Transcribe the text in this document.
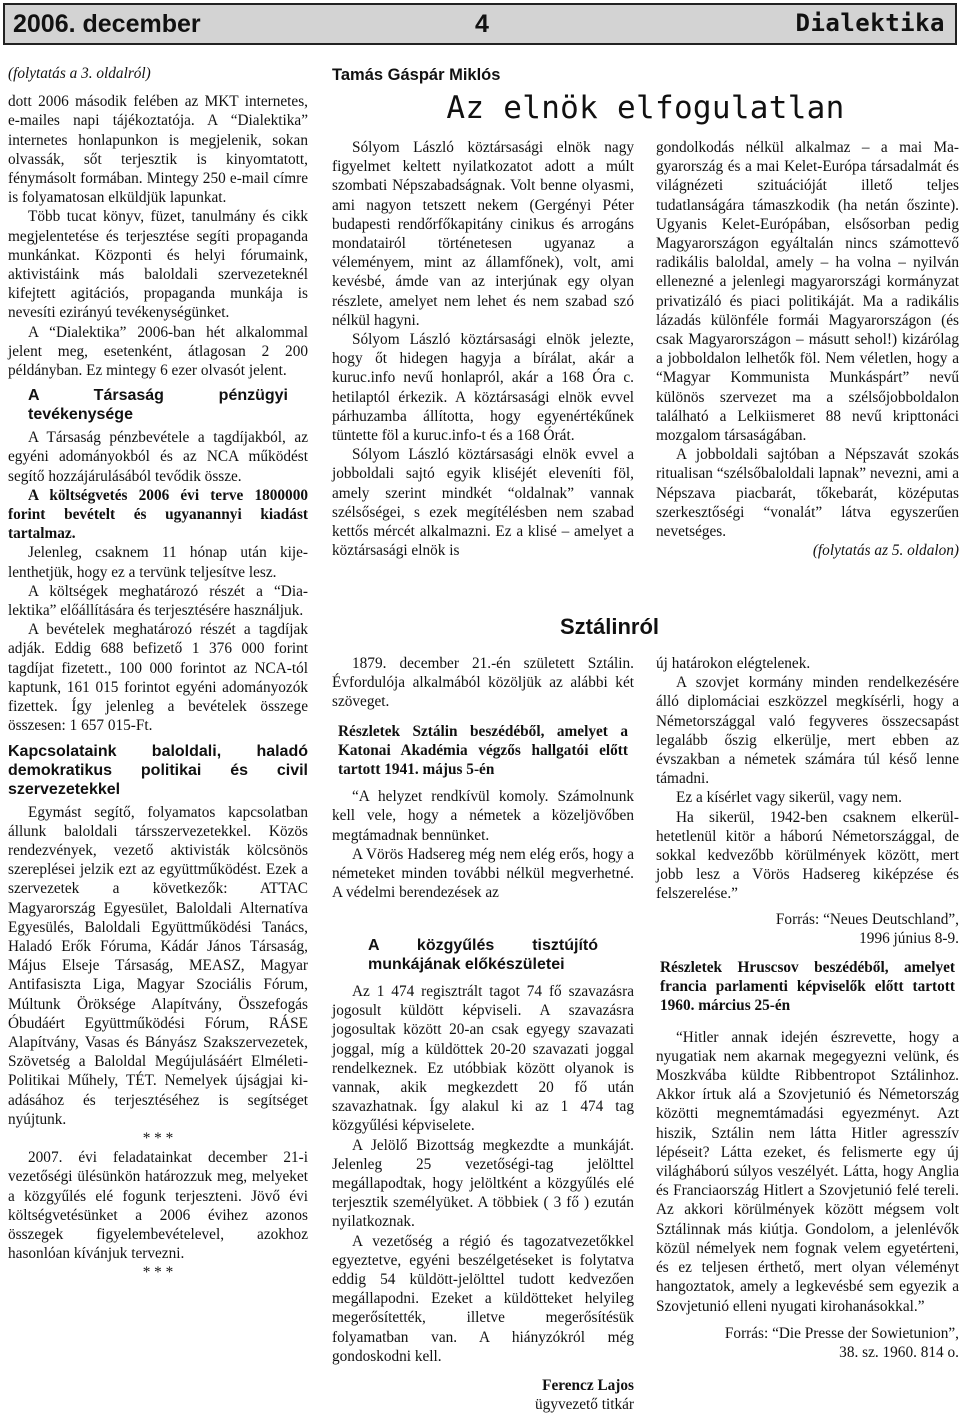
2006. december	4	Dialektika

(folytatás a 3. oldalról)

dott 2006 második felében az MKT internetes, e-mailes napi tájékoztatója. A “Dialektika” internetes honlapunkon is megjelenik, sokan olvassák, sőt terjesztik is kinyomtatott, fénymásolt formában. Mintegy 250 e-mail címre is folyamatosan elküldjük lapunkat.

Több tucat könyv, füzet, tanulmány és cikk megjelentetése és terjesztése segíti propaganda munkánkat. Központi és helyi fórumaink, aktivistáink más baloldali szervezeteknél kifejtett agitációs, propaganda munkája is nevesíti ezirányú tevékenységünket.

A “Dialektika” 2006-ban hét alkalommal jelent meg, esetenként, átlagosan 2 200 példányban. Ez mintegy 6 ezer olvasót jelent.

A Társaság pénzügyi tevékenysége

A Társaság pénzbevétele a tagdíjakból, az egyéni adományokból és az NCA működést segítő hozzájárulásából tevődik össze.

A költségvetés 2006 évi terve 1800000 forint bevételt és ugyanannyi kiadást tartalmaz.

Jelenleg, csaknem 11 hónap után kijelenthetjük, hogy ez a tervünk teljesítve lesz.

A költségek meghatározó részét a “Dialektika” előállítására és terjesztésére használjuk.

A bevételek meghatározó részét a tagdíjak adják. Eddig 688 befizető 1 376 000 forint tagdíjat fizetett., 100 000 forintot az NCA-tól kaptunk, 161 015 forintot egyéni adományozók fizettek. Így jelenleg a bevételek összege összesen: 1 657 015-Ft.

Kapcsolataink baloldali, haladó demokratikus politikai és civil szervezetekkel

Egymást segítő, folyamatos kapcsolatban állunk baloldali társszervezetekkel. Közös rendezvények, vezető aktivisták kölcsönös szereplései jelzik ezt az együttműködést. Ezek a szervezetek a következők: ATTAC Magyarország Egyesület, Baloldali Alternatíva Egyesülés, Baloldali Együttműködési Tanács, Haladó Erők Fóruma, Kádár János Társaság, Május Elseje Társaság, MEASZ, Magyar Antifasiszta Liga, Magyar Szociális Fórum, Múltunk Öröksége Alapítvány, Összefogás Óbudáért Együttműködési Fórum, RÁSE Alapítvány, Vasas és Bányász Szakszervezetek, Szövetség a Baloldal Megújulásáért Elméleti-Politikai Műhely, TÉT. Nemelyek újságjai kiadásához és terjesztéséhez is segítséget nyújtunk.

* * *

2007. évi feladatainkat december 21-i vezetőségi ülésünkön határozzuk meg, melyeket a közgyűlés elé fogunk terjeszteni. Jövő évi költségvetésünket a 2006 évihez azonos összegek figyelembevételevel, azokhoz hasonlóan kívánjuk tervezni.

* * *

Tamás Gáspár Miklós
Az elnök elfogulatlan

Sólyom László köztársasági elnök nagy figyelmet keltett nyilatkozatot adott a múlt szombati Népszabadságnak. Volt benne olyasmi, ami nagyon tetszett nekem (Gergényi Péter budapesti rendőrfőkapitány cinikus és arrogáns mondatairól történetesen ugyanaz a véleményem, mint az államfőnek), volt, ami kevésbé, ámde van az interjúnak egy olyan részlete, amelyet nem lehet és nem szabad szó nélkül hagyni.

Sólyom László köztársasági elnök jelezte, hogy őt hidegen hagyja a bírálat, akár a kuruc.info nevű honlapról, akár a 168 Óra c. hetilaptól érkezik. A köztársasági elnök evvel párhuzamba állította, hogy egyenértékűnek tüntette föl a kuruc.info-t és a 168 Órát.

Sólyom László köztársasági elnök evvel a jobboldali sajtó egyik kliséjét eleveníti föl, amely szerint mindkét “oldalnak” vannak szélsőségei, s ezek megítélésben nem szabad kettős mércét alkalmazni. Ez a klisé – amelyet a köztársasági elnök is

gondolkodás nélkül alkalmaz – a mai Magyarország és a mai Kelet-Európa társadalmát és világnézeti szituációját illető teljes tudatlanságára támaszkodik (ha netán őszinte). Ugyanis Kelet-Európában, elsősorban pedig Magyarországon egyáltalán nincs számottevő radikális baloldal, amely – ha volna – nyilván ellenezné a jelenlegi magyarországi kormányzat privatizáló és piaci politikáját. Ma a radikális lázadás különféle formái Magyarországon (és csak Magyarországon – másutt sehol!) kizárólag a jobboldalon lelhetők föl. Nem véletlen, hogy a “Magyar Kommunista Munkáspárt” nevű különös szervezet ma a szélsőjobboldalon található a Lelkiismeret 88 nevű kripttonáci mozgalom társaságában.

A jobboldali sajtóban a Népszavát szokás ritualisan “szélsőbaloldali lapnak” nevezni, ami a Népszava piacbarát, tőkebarát, középutas szerkesztőségi “vonalát” látva egyszerűen nevetséges.

(folytatás az 5. oldalon)

Sztálinról

1879. december 21.-én született Sztálin. Évfordulója alkalmából közöljük az alábbi két szöveget.

Részletek Sztálin beszédéből, amelyet a Katonai Akadémia végzős hallgatói előtt tartott 1941. május 5-én

“A helyzet rendkívül komoly. Számolnunk kell vele, hogy a németek a közeljövőben megtámadnak bennünket.

A Vörös Hadsereg még nem elég erős, hogy a németeket minden további nélkül megverhetné. A védelmi berendezések az

új határokon elégtelenek.

A szovjet kormány minden rendelkezésére álló diplomáciai eszközzel megkísérli, hogy a Németországgal való fegyveres összecsapást legalább őszig elkerülje, mert ebben az évszakban a németek számára túl késő lenne támadni.

Ez a kísérlet vagy sikerül, vagy nem.

Ha sikerül, 1942-ben csaknem elkerülhetetlenül kitör a háború Németországgal, de sokkal kedvezőbb körülmények között, mert jobb lesz a Vörös Hadsereg kiképzése és felszerelése.”

Forrás: “Neues Deutschland”,

1996 június 8-9.

Részletek Hruscsov beszédéből, amelyet francia parlamenti képviselők előtt tartott 1960. március 25-én

“Hitler annak idején észrevette, hogy a nyugatiak nem akarnak megegyezni velünk, és Moszkvába küldte Ribbentropot Sztálinhoz. Akkor írtuk alá a Szovjetunió és Németország közötti megnemtámadási egyezményt. Azt hiszik, Sztálin nem látta Hitler agresszív lépéseit? Látta ezeket, és felismerte egy új világháború súlyos veszélyét. Látta, hogy Anglia és Franciaország Hitlert a Szovjetunió felé tereli. Az akkori körülmények között mégsem volt Sztálinnak más kiútja. Gondolom, a jelenlévők közül némelyek nem fognak velem egyetérteni, és ez teljesen érthető, mert olyan véleményt hangoztatok, amely a legkevésbé sem egyezik a Szovjetunió elleni nyugati kirohanásokkal.”

Forrás: “Die Presse der Sowietunion”,

38. sz. 1960. 814 o.

A közgyűlés tisztújító munkájának előkészületei

Az 1 474 regisztrált tagot 74 fő szavazásra jogosult küldött képviseli. A szavazásra jogosultak között 20-an csak egyegy szavazati joggal, míg a küldöttek 20-20 szavazati joggal rendelkeznek. Ez utóbbiak között olyanok is vannak, akik megkezdett 20 fő után szavazhatnak. Így alakul ki az 1 474 tag közgyűlési képviselete.

A Jelölő Bizottság megkezdte a munkáját. Jelenleg 25 vezetőségi-tag jelölttel megállapodtak, hogy jelöltként a közgyűlés elé terjesztik személyüket. A többiek ( 3 fő ) ezután nyilatkoznak.

A vezetőség a régió és tagozatvezetőkkel egyeztetve, egyéni beszélgetéseket is folytatva eddig 54 küldött-jelölttel tudott kedvezően megállapodni. Ezeket a küldötteket helyileg megerősítették, illetve megerősítésük folyamatban van. A hiányzókról még gondoskodni kell.

Ferencz Lajos

ügyvezető titkár
